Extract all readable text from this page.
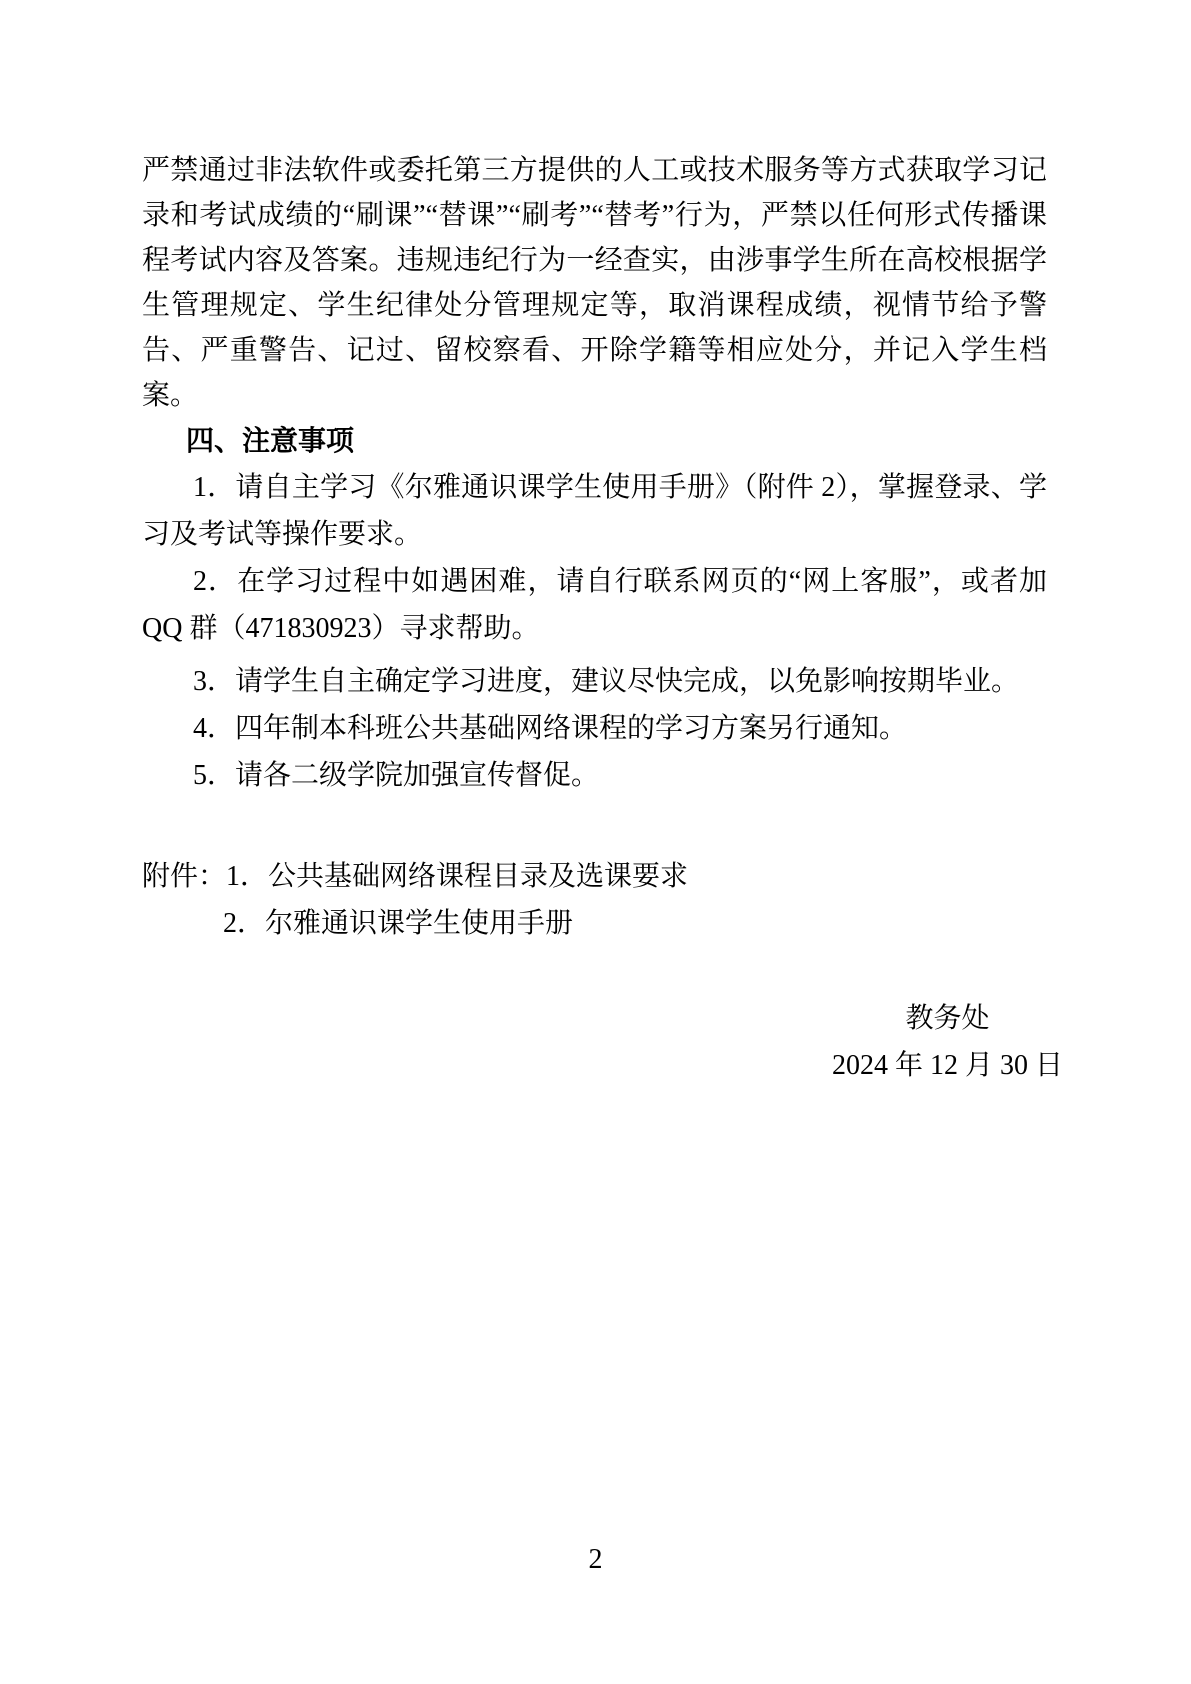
严禁通过非法软件或委托第三方提供的人工或技术服务等方式获取学习记录和考试成绩的“刷课”“替课”“刷考”“替考”行为，严禁以任何形式传播课程考试内容及答案。违规违纪行为一经查实，由涉事学生所在高校根据学生管理规定、学生纪律处分管理规定等，取消课程成绩，视情节给予警告、严重警告、记过、留校察看、开除学籍等相应处分，并记入学生档案。

四、注意事项

1．请自主学习《尔雅通识课学生使用手册》（附件 2），掌握登录、学习及考试等操作要求。

2．在学习过程中如遇困难，请自行联系网页的“网上客服”，或者加 QQ 群（471830923）寻求帮助。

3．请学生自主确定学习进度，建议尽快完成，以免影响按期毕业。

4．四年制本科班公共基础网络课程的学习方案另行通知。

5．请各二级学院加强宣传督促。

附件：1．公共基础网络课程目录及选课要求
2．尔雅通识课学生使用手册
教务处
2024 年 12 月 30 日
2
